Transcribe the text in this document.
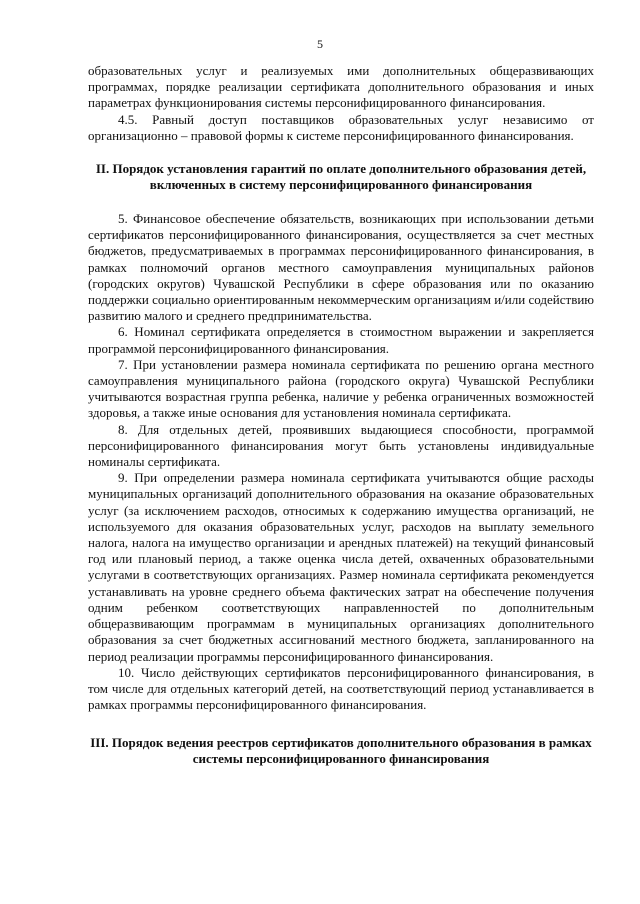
5

образовательных услуг и реализуемых ими дополнительных общеразвивающих программах, порядке реализации сертификата дополнительного образования и иных параметрах функционирования системы персонифицированного финансирования.

4.5. Равный доступ поставщиков образовательных услуг независимо от организационно – правовой формы к системе персонифицированного финансирования.

II. Порядок установления гарантий по оплате дополнительного образования детей, включенных в систему персонифицированного финансирования

5. Финансовое обеспечение обязательств, возникающих при использовании детьми сертификатов персонифицированного финансирования, осуществляется за счет местных бюджетов, предусматриваемых в программах персонифицированного финансирования, в рамках полномочий органов местного самоуправления муниципальных районов (городских округов) Чувашской Республики в сфере образования или по оказанию поддержки социально ориентированным некоммерческим организациям и/или содействию развитию малого и среднего предпринимательства.

6. Номинал сертификата определяется в стоимостном выражении и закрепляется программой персонифицированного финансирования.

7. При установлении размера номинала сертификата по решению органа местного самоуправления муниципального района (городского округа) Чувашской Республики учитываются возрастная группа ребенка, наличие у ребенка ограниченных возможностей здоровья, а также иные основания для установления номинала сертификата.

8. Для отдельных детей, проявивших выдающиеся способности, программой персонифицированного финансирования могут быть установлены индивидуальные номиналы сертификата.

9. При определении размера номинала сертификата учитываются общие расходы муниципальных организаций дополнительного образования на оказание образовательных услуг (за исключением расходов, относимых к содержанию имущества организаций, не используемого для оказания образовательных услуг, расходов на выплату земельного налога, налога на имущество организации и арендных платежей) на текущий финансовый год или плановый период, а также оценка числа детей, охваченных образовательными услугами в соответствующих организациях. Размер номинала сертификата рекомендуется устанавливать на уровне среднего объема фактических затрат на обеспечение получения одним ребенком соответствующих направленностей по дополнительным общеразвивающим программам в муниципальных организациях дополнительного образования за счет бюджетных ассигнований местного бюджета, запланированного на период реализации программы персонифицированного финансирования.

10. Число действующих сертификатов персонифицированного финансирования, в том числе для отдельных категорий детей, на соответствующий период устанавливается в рамках программы персонифицированного финансирования.

III. Порядок ведения реестров сертификатов дополнительного образования в рамках системы персонифицированного финансирования
